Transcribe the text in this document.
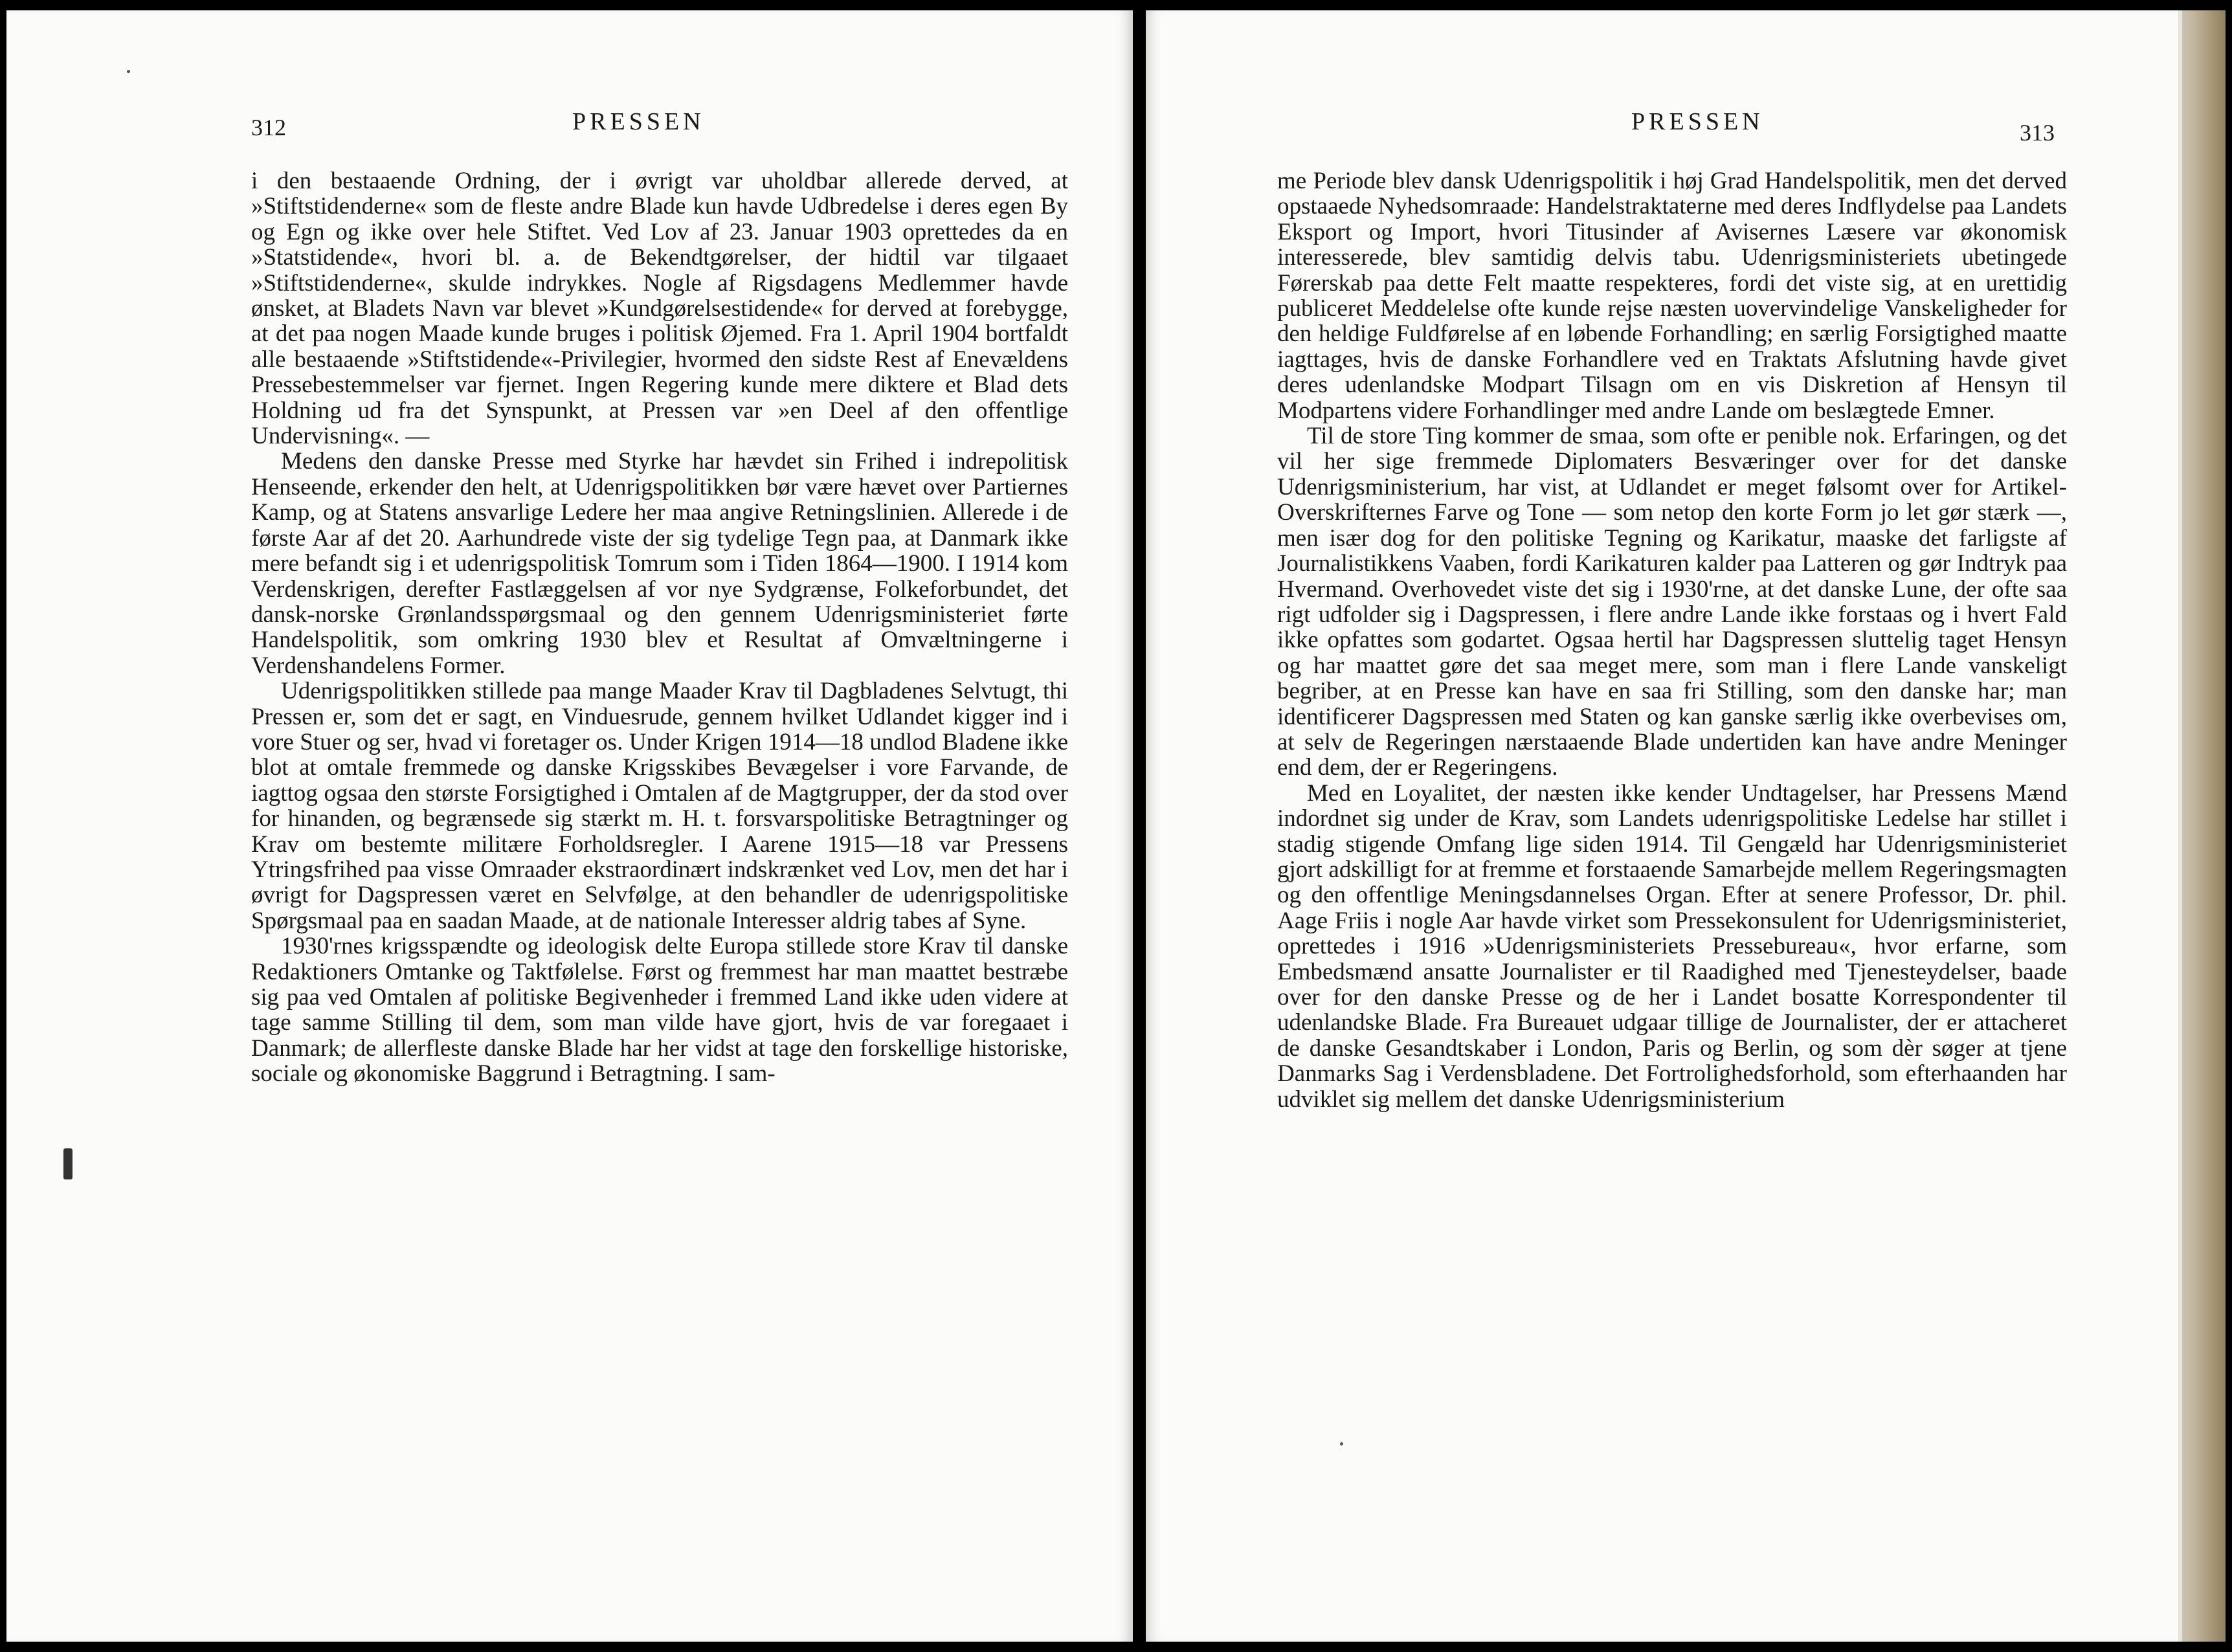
312	PRESSEN

i den bestaaende Ordning, der i øvrigt var uholdbar allerede derved, at »Stiftstidenderne« som de fleste andre Blade kun havde Udbredelse i deres egen By og Egn og ikke over hele Stiftet. Ved Lov af 23. Januar 1903 oprettedes da en »Statstidende«, hvori bl. a. de Bekendtgørelser, der hidtil var tilgaaet »Stiftstidenderne«, skulde indrykkes. Nogle af Rigsdagens Medlemmer havde ønsket, at Bladets Navn var blevet »Kundgørelsestidende« for derved at forebygge, at det paa nogen Maade kunde bruges i politisk Øjemed. Fra 1. April 1904 bortfaldt alle bestaaende »Stiftstidende«-Privilegier, hvormed den sidste Rest af Enevældens Pressebestemmelser var fjernet. Ingen Regering kunde mere diktere et Blad dets Holdning ud fra det Synspunkt, at Pressen var »en Deel af den offentlige Undervisning«. —

Medens den danske Presse med Styrke har hævdet sin Frihed i indrepolitisk Henseende, erkender den helt, at Udenrigspolitikken bør være hævet over Partiernes Kamp, og at Statens ansvarlige Ledere her maa angive Retningslinien. Allerede i de første Aar af det 20. Aarhundrede viste der sig tydelige Tegn paa, at Danmark ikke mere befandt sig i et udenrigspolitisk Tomrum som i Tiden 1864—1900. I 1914 kom Verdenskrigen, derefter Fastlæggelsen af vor nye Sydgrænse, Folkeforbundet, det dansk-norske Grønlandsspørgsmaal og den gennem Udenrigsministeriet førte Handelspolitik, som omkring 1930 blev et Resultat af Omvæltningerne i Verdenshandelens Former.

Udenrigspolitikken stillede paa mange Maader Krav til Dagbladenes Selvtugt, thi Pressen er, som det er sagt, en Vinduesrude, gennem hvilket Udlandet kigger ind i vore Stuer og ser, hvad vi foretager os. Under Krigen 1914—18 undlod Bladene ikke blot at omtale fremmede og danske Krigsskibes Bevægelser i vore Farvande, de iagttog ogsaa den største Forsigtighed i Omtalen af de Magtgrupper, der da stod over for hinanden, og begrænsede sig stærkt m. H. t. forsvarspolitiske Betragtninger og Krav om bestemte militære Forholdsregler. I Aarene 1915—18 var Pressens Ytringsfrihed paa visse Omraader ekstraordinært indskrænket ved Lov, men det har i øvrigt for Dagspressen været en Selvfølge, at den behandler de udenrigspolitiske Spørgsmaal paa en saadan Maade, at de nationale Interesser aldrig tabes af Syne.

1930'rnes krigsspændte og ideologisk delte Europa stillede store Krav til danske Redaktioners Omtanke og Taktfølelse. Først og fremmest har man maattet bestræbe sig paa ved Omtalen af politiske Begivenheder i fremmed Land ikke uden videre at tage samme Stilling til dem, som man vilde have gjort, hvis de var foregaaet i Danmark; de allerfleste danske Blade har her vidst at tage den forskellige historiske, sociale og økonomiske Baggrund i Betragtning. I sam-

PRESSEN	313

me Periode blev dansk Udenrigspolitik i høj Grad Handelspolitik, men det derved opstaaede Nyhedsomraade: Handelstraktaterne med deres Indflydelse paa Landets Eksport og Import, hvori Titusinder af Avisernes Læsere var økonomisk interesserede, blev samtidig delvis tabu. Udenrigsministeriets ubetingede Førerskab paa dette Felt maatte respekteres, fordi det viste sig, at en urettidig publiceret Meddelelse ofte kunde rejse næsten uovervindelige Vanskeligheder for den heldige Fuldførelse af en løbende Forhandling; en særlig Forsigtighed maatte iagttages, hvis de danske Forhandlere ved en Traktats Afslutning havde givet deres udenlandske Modpart Tilsagn om en vis Diskretion af Hensyn til Modpartens videre Forhandlinger med andre Lande om beslægtede Emner.

Til de store Ting kommer de smaa, som ofte er penible nok. Erfaringen, og det vil her sige fremmede Diplomaters Besværinger over for det danske Udenrigsministerium, har vist, at Udlandet er meget følsomt over for Artikel-Overskrifternes Farve og Tone — som netop den korte Form jo let gør stærk —, men især dog for den politiske Tegning og Karikatur, maaske det farligste af Journalistikkens Vaaben, fordi Karikaturen kalder paa Latteren og gør Indtryk paa Hvermand. Overhovedet viste det sig i 1930'rne, at det danske Lune, der ofte saa rigt udfolder sig i Dagspressen, i flere andre Lande ikke forstaas og i hvert Fald ikke opfattes som godartet. Ogsaa hertil har Dagspressen sluttelig taget Hensyn og har maattet gøre det saa meget mere, som man i flere Lande vanskeligt begriber, at en Presse kan have en saa fri Stilling, som den danske har; man identificerer Dagspressen med Staten og kan ganske særlig ikke overbevises om, at selv de Regeringen nærstaaende Blade undertiden kan have andre Meninger end dem, der er Regeringens.

Med en Loyalitet, der næsten ikke kender Undtagelser, har Pressens Mænd indordnet sig under de Krav, som Landets udenrigspolitiske Ledelse har stillet i stadig stigende Omfang lige siden 1914. Til Gengæld har Udenrigsministeriet gjort adskilligt for at fremme et forstaaende Samarbejde mellem Regeringsmagten og den offentlige Meningsdannelses Organ. Efter at senere Professor, Dr. phil. Aage Friis i nogle Aar havde virket som Pressekonsulent for Udenrigsministeriet, oprettedes i 1916 »Udenrigsministeriets Pressebureau«, hvor erfarne, som Embedsmænd ansatte Journalister er til Raadighed med Tjenesteydelser, baade over for den danske Presse og de her i Landet bosatte Korrespondenter til udenlandske Blade. Fra Bureauet udgaar tillige de Journalister, der er attacheret de danske Gesandtskaber i London, Paris og Berlin, og som dèr søger at tjene Danmarks Sag i Verdensbladene. Det Fortrolighedsforhold, som efterhaanden har udviklet sig mellem det danske Udenrigsministerium
